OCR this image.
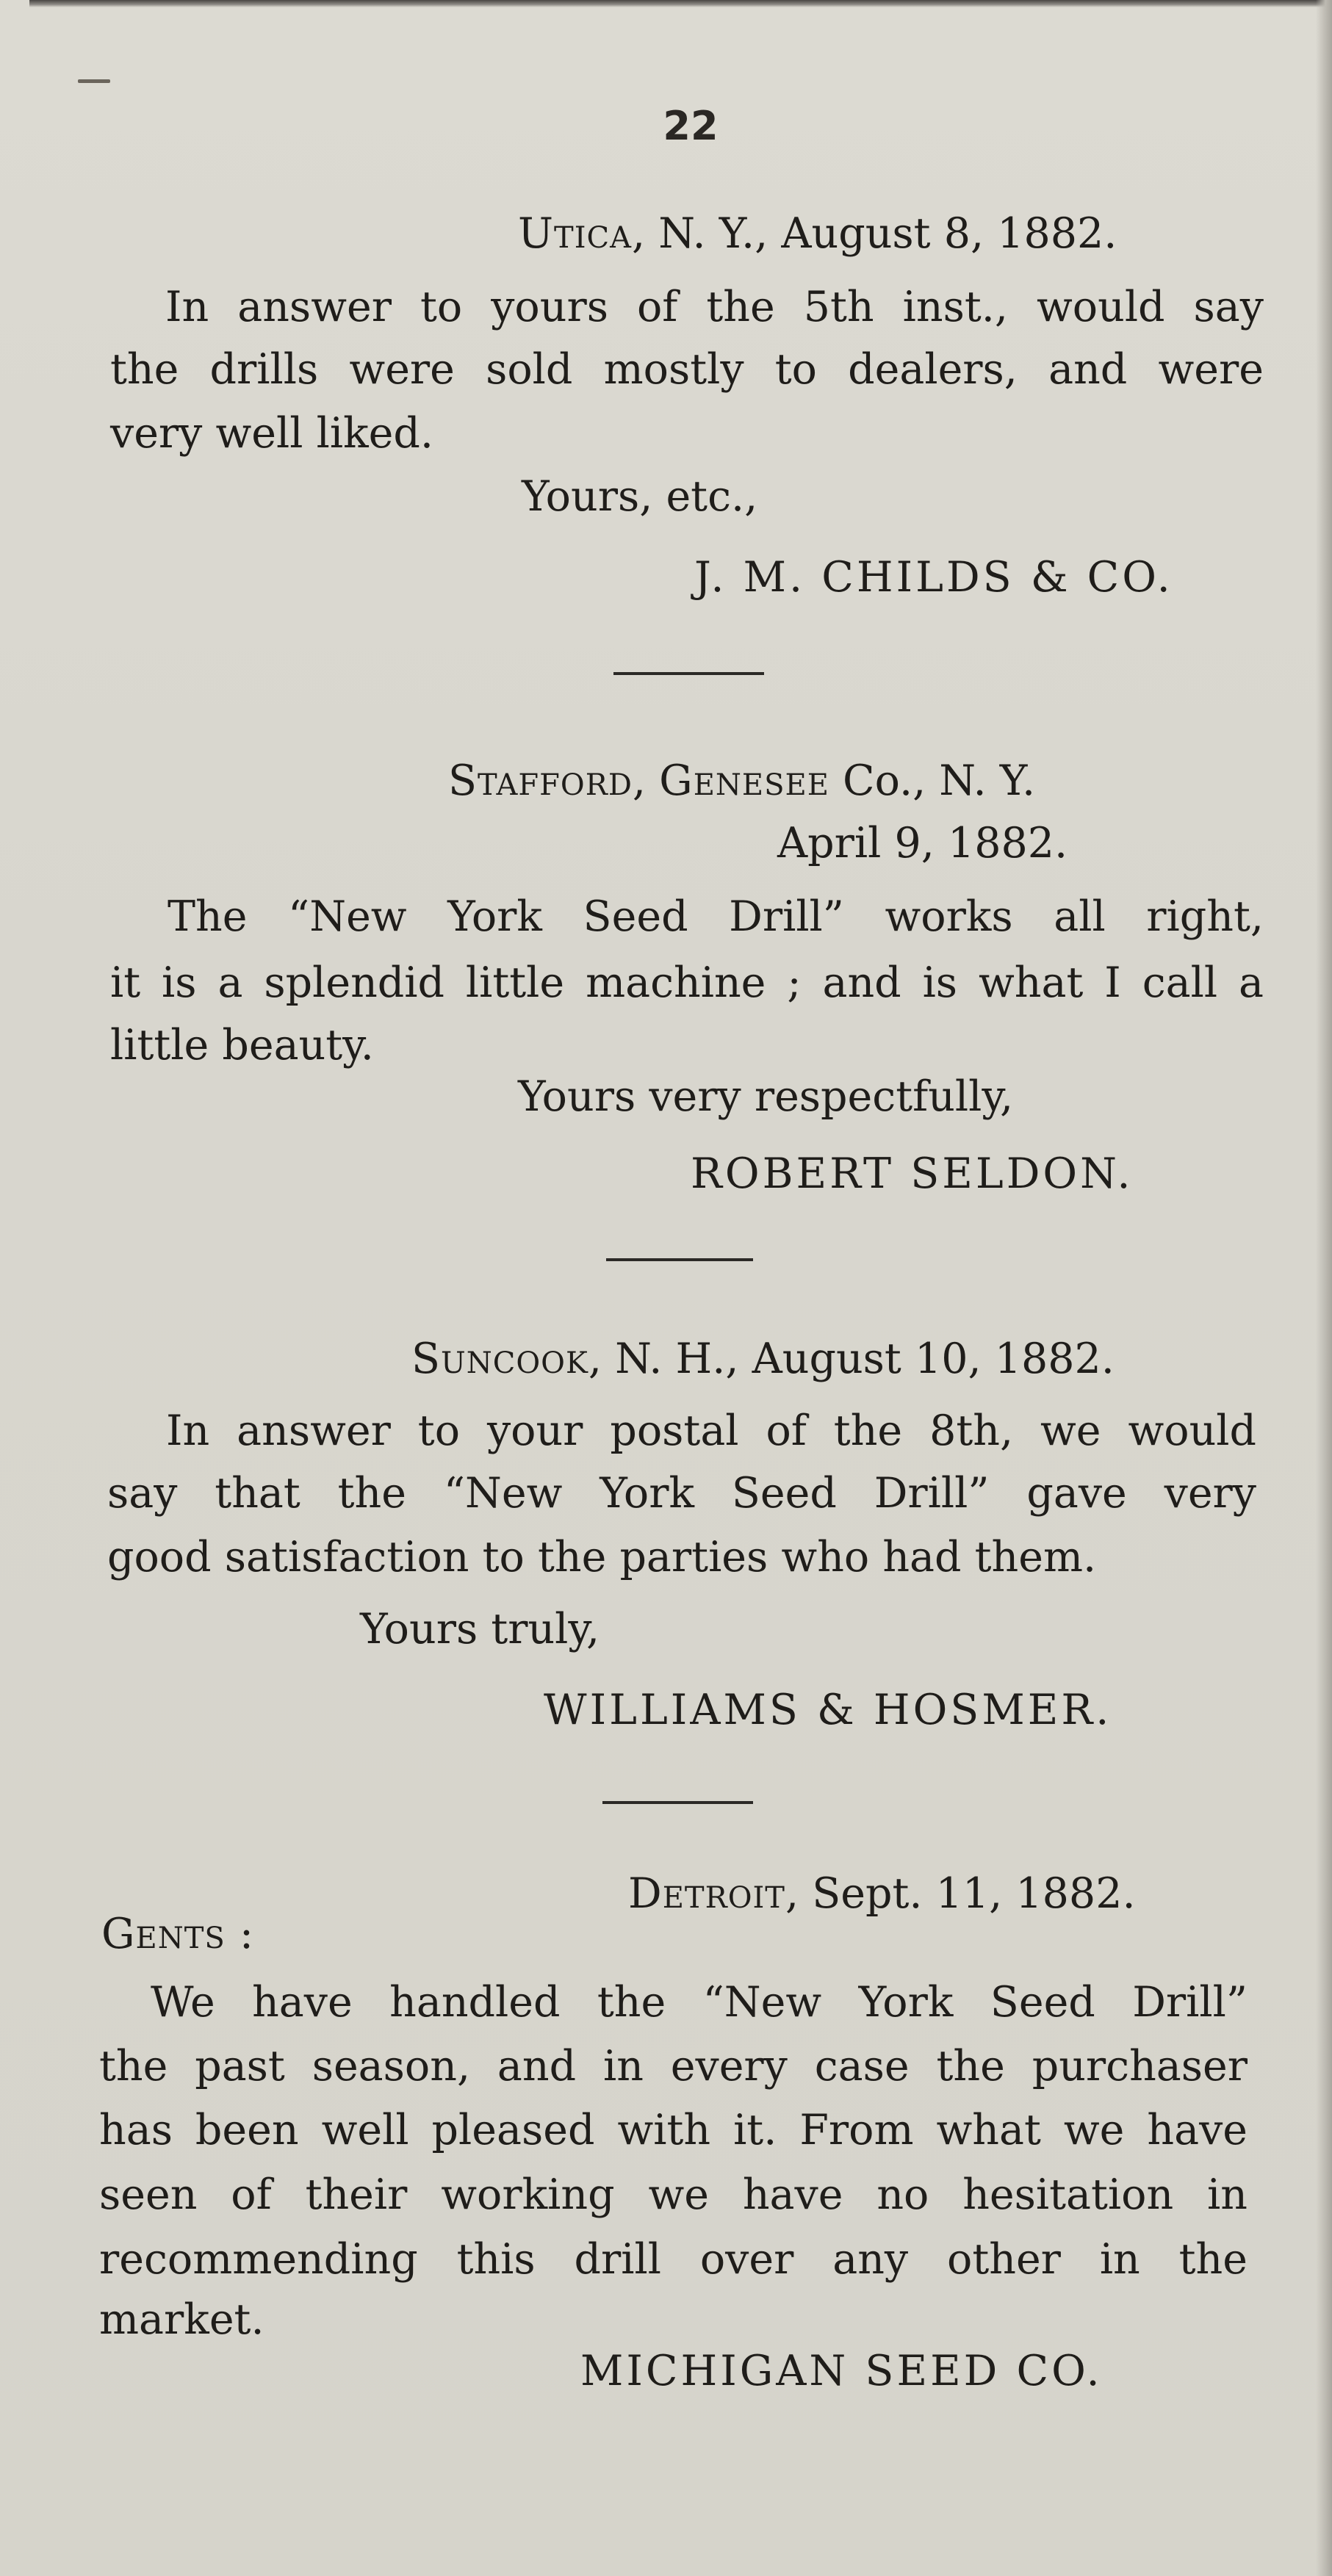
22
Utica, N. Y., August 8, 1882.
In answer to yours of the 5th inst., would say
the drills were sold mostly to dealers, and were
very well liked.
Yours, etc.,
J. M. CHILDS & CO.
Stafford, Genesee Co., N. Y.
April 9, 1882.
The “New York Seed Drill” works all right,
it is a splendid little machine ; and is what I call a
little beauty.
Yours very respectfully,
ROBERT SELDON.
Suncook, N. H., August 10, 1882.
In answer to your postal of the 8th, we would
say that the “New York Seed Drill” gave very
good satisfaction to the parties who had them.
Yours truly,
WILLIAMS & HOSMER.
Detroit, Sept. 11, 1882.
Gents :
We have handled the “New York Seed Drill”
the past season, and in every case the purchaser
has been well pleased with it. From what we have
seen of their working we have no hesitation in
recommending this drill over any other in the
market.
MICHIGAN SEED CO.
